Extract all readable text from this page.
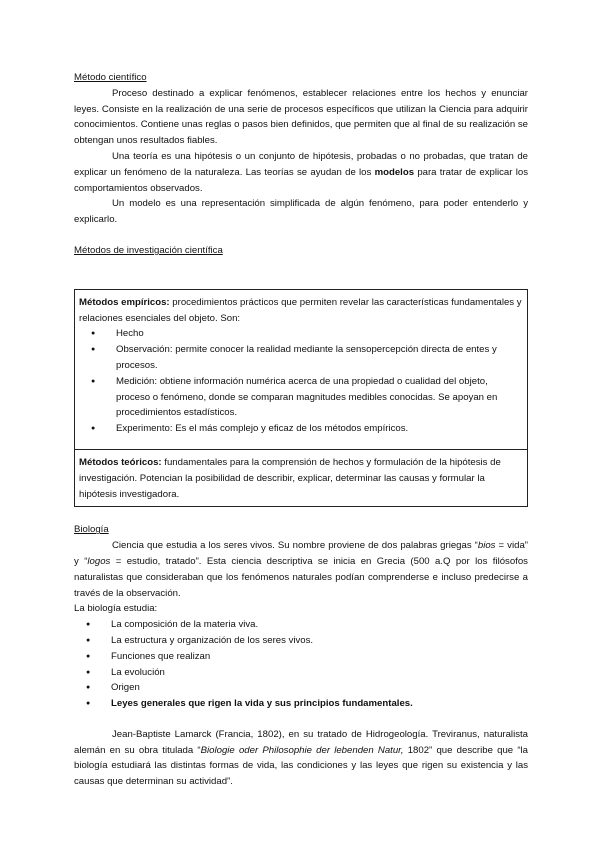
Método científico

Proceso destinado a explicar fenómenos, establecer relaciones entre los hechos y enunciar leyes. Consiste en la realización de una serie de procesos específicos que utilizan la Ciencia para adquirir conocimientos. Contiene unas reglas o pasos bien definidos, que permiten que al final de su realización se obtengan unos resultados fiables.

Una teoría es una hipótesis o un conjunto de hipótesis, probadas o no probadas, que tratan de explicar un fenómeno de la naturaleza. Las teorías se ayudan de los modelos para tratar de explicar los comportamientos observados.

Un modelo es una representación simplificada de algún fenómeno, para poder entenderlo y explicarlo.

Métodos de investigación científica

Métodos empíricos: procedimientos prácticos que permiten revelar las características fundamentales y relaciones esenciales del objeto. Son:

● Hecho
● Observación: permite conocer la realidad mediante la sensopercepción directa de entes y procesos.
● Medición: obtiene información numérica acerca de una propiedad o cualidad del objeto, proceso o fenómeno, donde se comparan magnitudes medibles conocidas. Se apoyan en procedimientos estadísticos.
● Experimento: Es el más complejo y eficaz de los métodos empíricos.

Métodos teóricos: fundamentales para la comprensión de hechos y formulación de la hipótesis de investigación. Potencian la posibilidad de describir, explicar, determinar las causas y formular la hipótesis investigadora.

Biología

Ciencia que estudia a los seres vivos. Su nombre proviene de dos palabras griegas “bios = vida” y “logos = estudio, tratado”. Esta ciencia descriptiva se inicia en Grecia (500 a.Q por los filósofos naturalistas que consideraban que los fenómenos naturales podían comprenderse e incluso predecirse a través de la observación.

La biología estudia:

● La composición de la materia viva.
● La estructura y organización de los seres vivos.
● Funciones que realizan
● La evolución
● Origen
● Leyes generales que rigen la vida y sus principios fundamentales.

Jean-Baptiste Lamarck (Francia, 1802), en su tratado de Hidrogeología. Treviranus, naturalista alemán en su obra titulada “Biologie oder Philosophie der lebenden Natur, 1802” que describe que “la biología estudiará las distintas formas de vida, las condiciones y las leyes que rigen su existencia y las causas que determinan su actividad”.
